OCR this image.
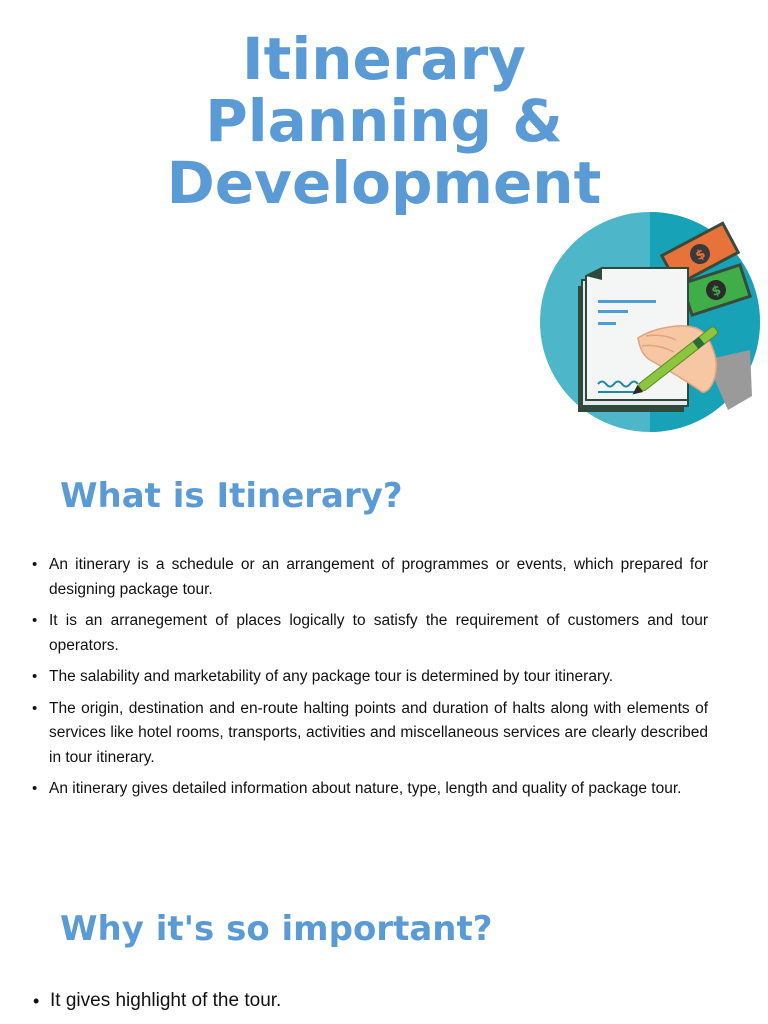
Itinerary
Planning &
Development
$
$
What is Itinerary?
• An itinerary is a schedule or an arrangement of programmes or events, which prepared for designing package tour.
• It is an arranegement of places logically to satisfy the requirement of customers and tour operators.
• The salability and marketability of any package tour is determined by tour itinerary.
• The origin, destination and en-route halting points and duration of halts along with elements of services like hotel rooms, transports, activities and miscellaneous services are clearly described in tour itinerary.
• An itinerary gives detailed information about nature, type, length and quality of package tour.
Why it's so important?
• It gives highlight of the tour.
